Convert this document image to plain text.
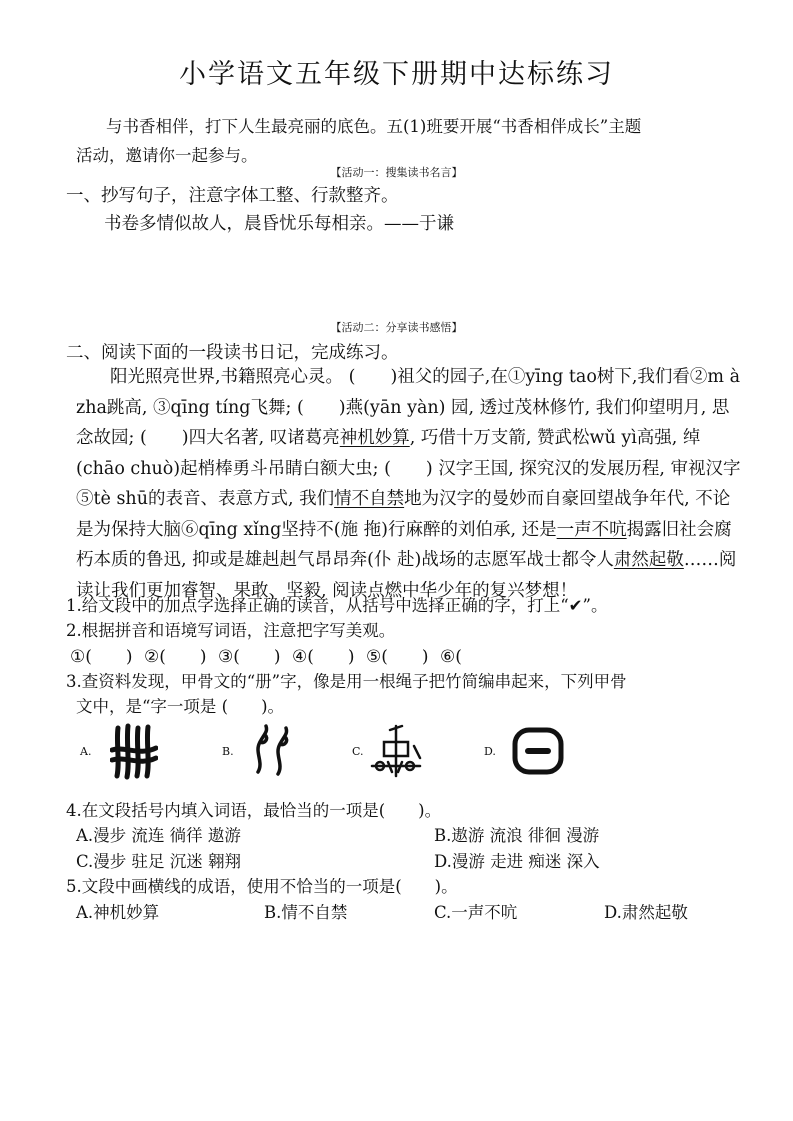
小学语文五年级下册期中达标练习
与书香相伴，打下人生最亮丽的底色。五(1)班要开展“书香相伴成长”主题
活动，邀请你一起参与。
【活动一：搜集读书名言】
一、抄写句子，注意字体工整、行款整齐。
书卷多情似故人，晨昏忧乐每相亲。——于谦
【活动二：分享读书感悟】
二、阅读下面的一段读书日记，完成练习。
阳光照亮世界,书籍照亮心灵。 (　　)祖父的园子,在①yīng tao树下,我们看②m à zha跳高, ③qīng tíng飞舞; (　　)燕(yān yàn) 园, 透过茂林修竹, 我们仰望明月, 思念故园; (　　)四大名著, 叹诸葛亮神机妙算, 巧借十万支箭, 赞武松wǔ yì高强, 绰(chāo chuò)起梢棒勇斗吊睛白额大虫; (　　) 汉字王国, 探究汉的发展历程, 审视汉字⑤tè shū的表音、表意方式, 我们情不自禁地为汉字的曼妙而自豪回望战争年代, 不论是为保持大脑⑥qīng xǐng坚持不(施 拖)行麻醉的刘伯承, 还是一声不吭揭露旧社会腐朽本质的鲁迅, 抑或是雄赳赳气昂昂奔(仆 赴)战场的志愿军战士都令人肃然起敬……阅读让我们更加睿智、果敢、坚毅, 阅读点燃中华少年的复兴梦想！
1.给文段中的加点字选择正确的读音，从括号中选择正确的字，打上“✔”。
2.根据拼音和语境写词语，注意把字写美观。
①(　　) ②(　　) ③(　　) ④(　　) ⑤(　　) ⑥(
3.查资料发现，甲骨文的“册”字，像是用一根绳子把竹简编串起来，下列甲骨
文中，是“字一项是 (　　)。
A.	B.	C.	D.
4.在文段括号内填入词语，最恰当的一项是(　　)。
A.漫步 流连 徜徉 遨游	B.遨游 流浪 徘徊 漫游
C.漫步 驻足 沉迷 翱翔	D.漫游 走进 痴迷 深入
5.文段中画横线的成语，使用不恰当的一项是(　　)。
A.神机妙算	B.情不自禁	C.一声不吭	D.肃然起敬
